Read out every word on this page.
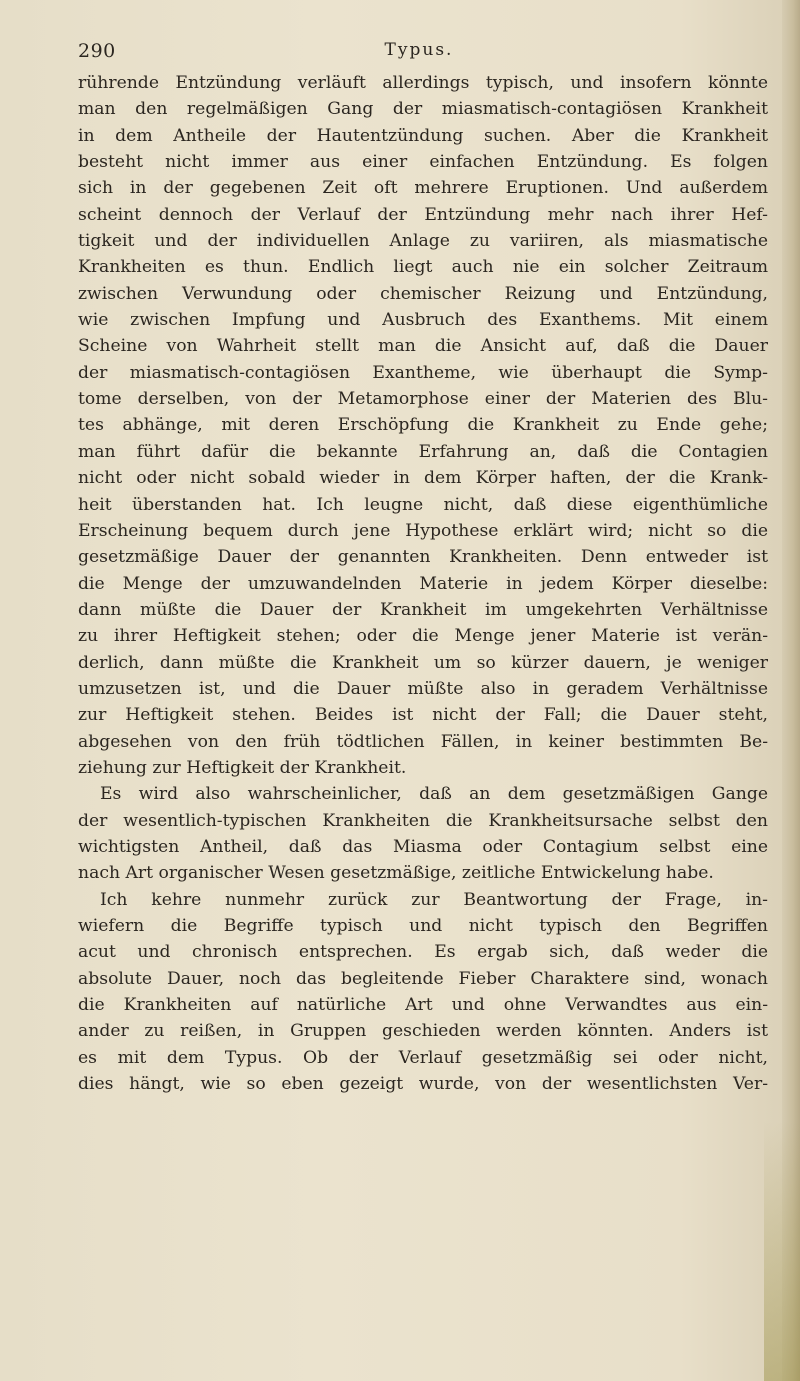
290	Typus.
rührende Entzündung verläuft allerdings typisch, und insofern könnte
man den regelmäßigen Gang der miasmatisch-contagiösen Krankheit
in dem Antheile der Hautentzündung suchen. Aber die Krankheit
besteht nicht immer aus einer einfachen Entzündung. Es folgen
sich in der gegebenen Zeit oft mehrere Eruptionen. Und außerdem
scheint dennoch der Verlauf der Entzündung mehr nach ihrer Hef-
tigkeit und der individuellen Anlage zu variiren, als miasmatische
Krankheiten es thun. Endlich liegt auch nie ein solcher Zeitraum
zwischen Verwundung oder chemischer Reizung und Entzündung,
wie zwischen Impfung und Ausbruch des Exanthems. Mit einem
Scheine von Wahrheit stellt man die Ansicht auf, daß die Dauer
der miasmatisch-contagiösen Exantheme, wie überhaupt die Symp-
tome derselben, von der Metamorphose einer der Materien des Blu-
tes abhänge, mit deren Erschöpfung die Krankheit zu Ende gehe;
man führt dafür die bekannte Erfahrung an, daß die Contagien
nicht oder nicht sobald wieder in dem Körper haften, der die Krank-
heit überstanden hat. Ich leugne nicht, daß diese eigenthümliche
Erscheinung bequem durch jene Hypothese erklärt wird; nicht so die
gesetzmäßige Dauer der genannten Krankheiten. Denn entweder ist
die Menge der umzuwandelnden Materie in jedem Körper dieselbe:
dann müßte die Dauer der Krankheit im umgekehrten Verhältnisse
zu ihrer Heftigkeit stehen; oder die Menge jener Materie ist verän-
derlich, dann müßte die Krankheit um so kürzer dauern, je weniger
umzusetzen ist, und die Dauer müßte also in geradem Verhältnisse
zur Heftigkeit stehen. Beides ist nicht der Fall; die Dauer steht,
abgesehen von den früh tödtlichen Fällen, in keiner bestimmten Be-
ziehung zur Heftigkeit der Krankheit.
Es wird also wahrscheinlicher, daß an dem gesetzmäßigen Gange
der wesentlich-typischen Krankheiten die Krankheitsursache selbst den
wichtigsten Antheil, daß das Miasma oder Contagium selbst eine
nach Art organischer Wesen gesetzmäßige, zeitliche Entwickelung habe.
Ich kehre nunmehr zurück zur Beantwortung der Frage, in-
wiefern die Begriffe typisch und nicht typisch den Begriffen
acut und chronisch entsprechen. Es ergab sich, daß weder die
absolute Dauer, noch das begleitende Fieber Charaktere sind, wonach
die Krankheiten auf natürliche Art und ohne Verwandtes aus ein-
ander zu reißen, in Gruppen geschieden werden könnten. Anders ist
es mit dem Typus. Ob der Verlauf gesetzmäßig sei oder nicht,
dies hängt, wie so eben gezeigt wurde, von der wesentlichsten Ver-
